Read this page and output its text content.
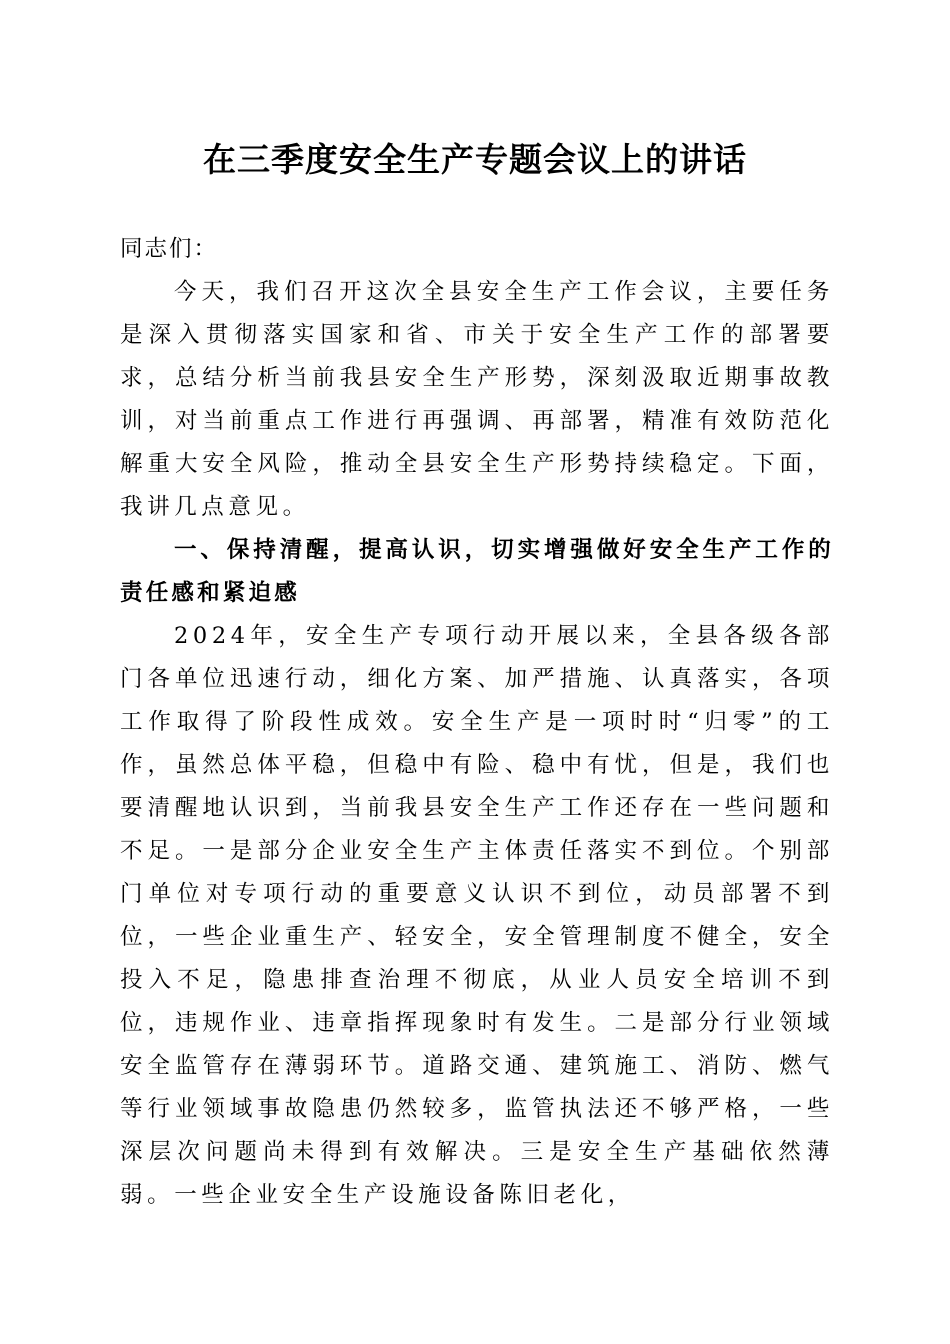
在三季度安全生产专题会议上的讲话

同志们：

今天，我们召开这次全县安全生产工作会议，主要任务是深入贯彻落实国家和省、市关于安全生产工作的部署要求，总结分析当前我县安全生产形势，深刻汲取近期事故教训，对当前重点工作进行再强调、再部署，精准有效防范化解重大安全风险，推动全县安全生产形势持续稳定。下面，我讲几点意见。

一、保持清醒，提高认识，切实增强做好安全生产工作的责任感和紧迫感

2024年，安全生产专项行动开展以来，全县各级各部门各单位迅速行动，细化方案、加严措施、认真落实，各项工作取得了阶段性成效。安全生产是一项时时“归零”的工作，虽然总体平稳，但稳中有险、稳中有忧，但是，我们也要清醒地认识到，当前我县安全生产工作还存在一些问题和不足。一是部分企业安全生产主体责任落实不到位。个别部门单位对专项行动的重要意义认识不到位，动员部署不到位，一些企业重生产、轻安全，安全管理制度不健全，安全投入不足，隐患排查治理不彻底，从业人员安全培训不到位，违规作业、违章指挥现象时有发生。二是部分行业领域安全监管存在薄弱环节。道路交通、建筑施工、消防、燃气等行业领域事故隐患仍然较多，监管执法还不够严格，一些深层次问题尚未得到有效解决。三是安全生产基础依然薄弱。一些企业安全生产设施设备陈旧老化，
